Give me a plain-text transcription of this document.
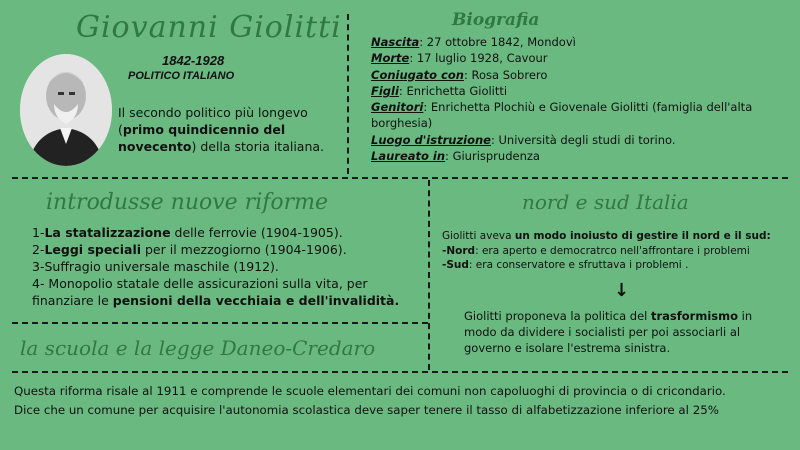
Giovanni Giolitti
1842-1928
POLITICO ITALIANO
Il secondo politico più longevo (primo quindicennio del novecento) della storia italiana.
Biografia
Nascita: 27 ottobre 1842, Mondovì
Morte: 17 luglio 1928, Cavour
Coniugato con: Rosa Sobrero
Figli: Enrichetta Giolitti
Genitori: Enrichetta Plochiù e Giovenale Giolitti (famiglia dell'alta borghesia)
Luogo d'istruzione: Università degli studi di torino.
Laureato in: Giurisprudenza
introdusse nuove riforme
1-La statalizzazione delle ferrovie (1904-1905).
2-Leggi speciali per il mezzogiorno (1904-1906).
3-Suffragio universale maschile (1912).
4- Monopolio statale delle assicurazioni sulla vita, per finanziare le pensioni della vecchiaia e dell'invalidità.
nord e sud Italia
Giolitti aveva un modo inoiusto di gestire il nord e il sud:
-Nord: era aperto e democratrco nell'affrontare i problemi
-Sud: era conservatore e sfruttava i problemi .
↓
Giolitti proponeva la politica del trasformismo in modo da dividere i socialisti per poi associarli al governo e isolare l'estrema sinistra.
la scuola e la legge Daneo-Credaro
Questa riforma risale al 1911 e comprende le scuole elementari dei comuni non capoluoghi di provincia o di cricondario.
Dice che un comune per acquisire l'autonomia scolastica deve saper tenere il tasso di alfabetizzazione inferiore al 25%
